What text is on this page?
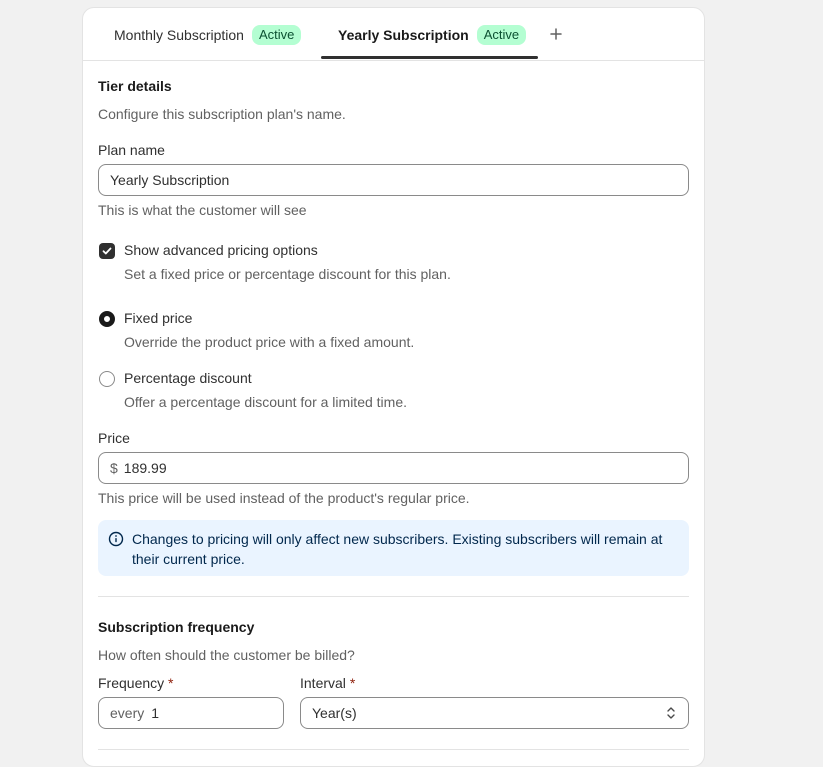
Monthly Subscription	Active	Yearly Subscription	Active
Tier details
Configure this subscription plan's name.
Plan name
Yearly Subscription
This is what the customer will see
Show advanced pricing options
Set a fixed price or percentage discount for this plan.
Fixed price
Override the product price with a fixed amount.
Percentage discount
Offer a percentage discount for a limited time.
Price
$ 189.99
This price will be used instead of the product's regular price.
Changes to pricing will only affect new subscribers. Existing subscribers will remain at their current price.
Subscription frequency
How often should the customer be billed?
Frequency *	Interval *
every 1	Year(s)
